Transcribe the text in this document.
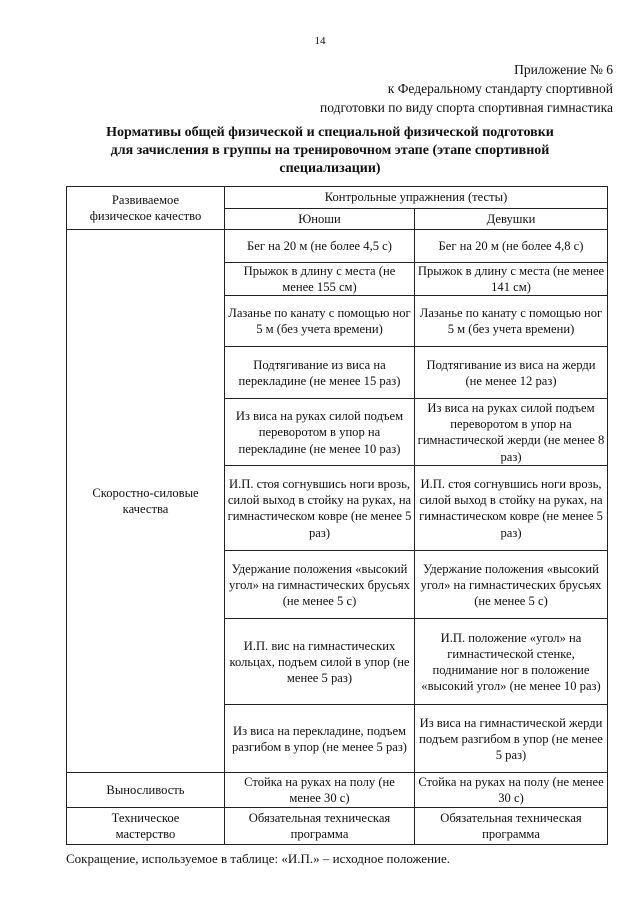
14
Приложение № 6
к Федеральному стандарту спортивной
подготовки по виду спорта спортивная гимнастика
Нормативы общей физической и специальной физической подготовки
для зачисления в группы на тренировочном этапе (этапе спортивной
специализации)
Развиваемое физическое качество	Контрольные упражнения (тесты)	
	Юноши	Девушки
Скоростно-силовые качества	Бег на 20 м (не более 4,5 с)	Бег на 20 м (не более 4,8 с)
	Прыжок в длину с места (не менее 155 см)	Прыжок в длину с места (не менее 141 см)
	Лазанье по канату с помощью ног 5 м (без учета времени)	Лазанье по канату с помощью ног 5 м (без учета времени)
	Подтягивание из виса на перекладине (не менее 15 раз)	Подтягивание из виса на жерди (не менее 12 раз)
	Из виса на руках силой подъем переворотом в упор на перекладине (не менее 10 раз)	Из виса на руках силой подъем переворотом в упор на гимнастической жерди (не менее 8 раз)
	И.П. стоя согнувшись ноги врозь, силой выход в стойку на руках, на гимнастическом ковре (не менее 5 раз)	И.П. стоя согнувшись ноги врозь, силой выход в стойку на руках, на гимнастическом ковре (не менее 5 раз)
	Удержание положения «высокий угол» на гимнастических брусьях (не менее 5 с)	Удержание положения «высокий угол» на гимнастических брусьях (не менее 5 с)
	И.П. вис на гимнастических кольцах, подъем силой в упор (не менее 5 раз)	И.П. положение «угол» на гимнастической стенке, поднимание ног в положение «высокий угол» (не менее 10 раз)
	Из виса на перекладине, подъем разгибом в упор (не менее 5 раз)	Из виса на гимнастической жерди подъем разгибом в упор (не менее 5 раз)
Выносливость	Стойка на руках на полу (не менее 30 с)	Стойка на руках на полу (не менее 30 с)
Техническое мастерство	Обязательная техническая программа	Обязательная техническая программа
Сокращение, используемое в таблице: «И.П.» – исходное положение.
